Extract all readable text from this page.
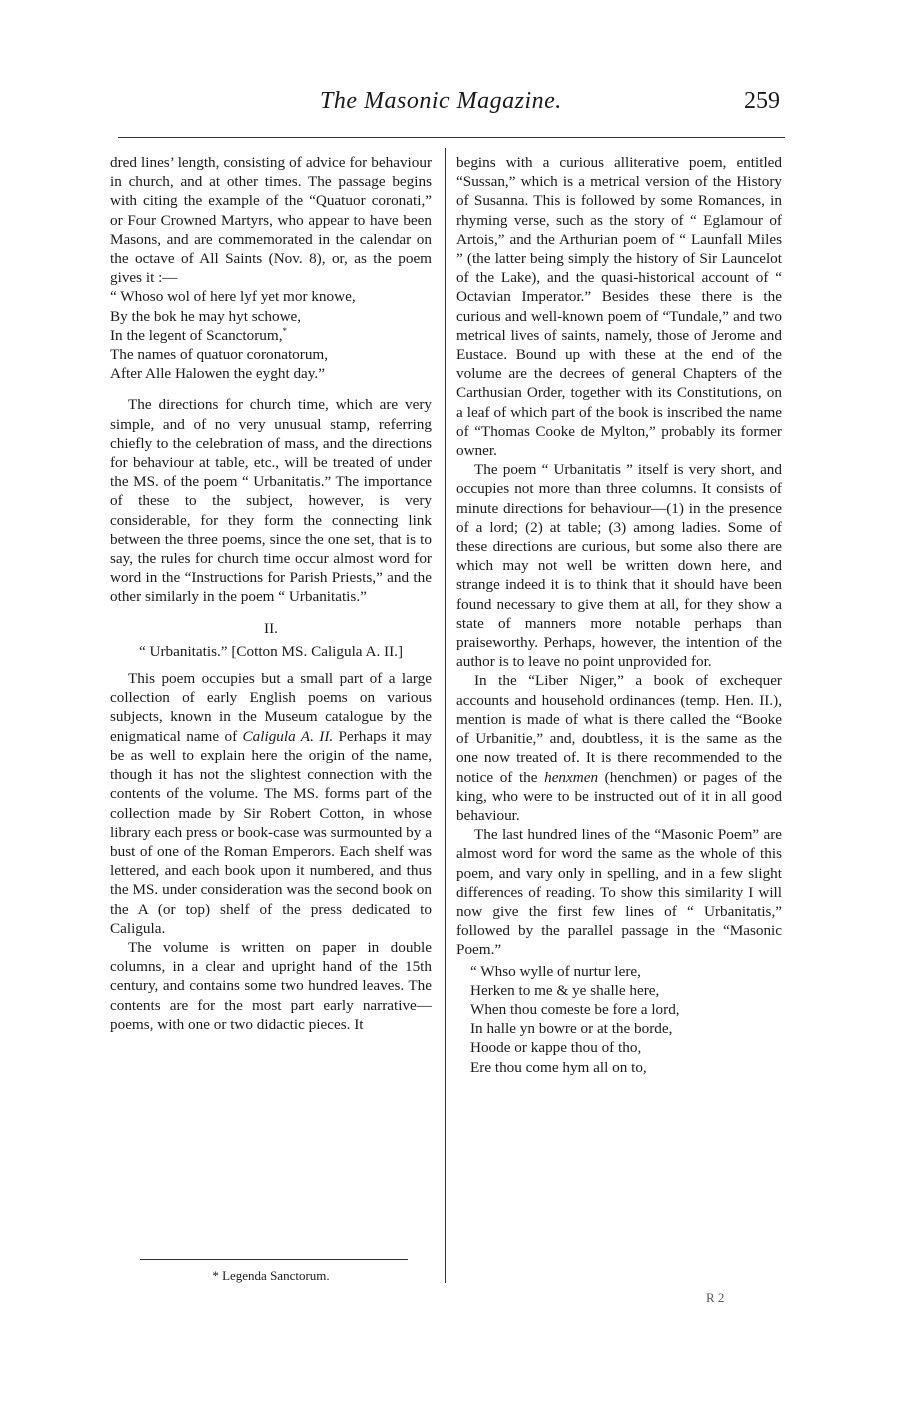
The Masonic Magazine.	259

dred lines’ length, consisting of advice for behaviour in church, and at other times. The passage begins with citing the example of the “Quatuor coronati,” or Four Crowned Martyrs, who appear to have been Masons, and are commemorated in the calendar on the octave of All Saints (Nov. 8), or, as the poem gives it :—

“ Whoso wol of here lyf yet mor knowe,
By the bok he may hyt schowe,
In the legent of Scanctorum,*
The names of quatuor coronatorum,
After Alle Halowen the eyght day.”

The directions for church time, which are very simple, and of no very unusual stamp, referring chiefly to the celebration of mass, and the directions for behaviour at table, etc., will be treated of under the MS. of the poem “ Urbanitatis.” The importance of these to the subject, however, is very considerable, for they form the connecting link between the three poems, since the one set, that is to say, the rules for church time occur almost word for word in the “Instructions for Parish Priests,” and the other similarly in the poem “ Urbanitatis.”

II.
“ Urbanitatis.” [Cotton MS. Caligula A. II.]

This poem occupies but a small part of a large collection of early English poems on various subjects, known in the Museum catalogue by the enigmatical name of Caligula A. II. Perhaps it may be as well to explain here the origin of the name, though it has not the slightest connection with the contents of the volume. The MS. forms part of the collection made by Sir Robert Cotton, in whose library each press or book-case was surmounted by a bust of one of the Roman Emperors. Each shelf was lettered, and each book upon it numbered, and thus the MS. under consideration was the second book on the A (or top) shelf of the press dedicated to Caligula.

The volume is written on paper in double columns, in a clear and upright hand of the 15th century, and contains some two hundred leaves. The contents are for the most part early narrative—poems, with one or two didactic pieces. It

begins with a curious alliterative poem, entitled “Sussan,” which is a metrical version of the History of Susanna. This is followed by some Romances, in rhyming verse, such as the story of “ Eglamour of Artois,” and the Arthurian poem of “ Launfall Miles ” (the latter being simply the history of Sir Launcelot of the Lake), and the quasi-historical account of “ Octavian Imperator.” Besides these there is the curious and well-known poem of “Tundale,” and two metrical lives of saints, namely, those of Jerome and Eustace. Bound up with these at the end of the volume are the decrees of general Chapters of the Carthusian Order, together with its Constitutions, on a leaf of which part of the book is inscribed the name of “Thomas Cooke de Mylton,” probably its former owner.

The poem “ Urbanitatis ” itself is very short, and occupies not more than three columns. It consists of minute directions for behaviour—(1) in the presence of a lord; (2) at table; (3) among ladies. Some of these directions are curious, but some also there are which may not well be written down here, and strange indeed it is to think that it should have been found necessary to give them at all, for they show a state of manners more notable perhaps than praiseworthy. Perhaps, however, the intention of the author is to leave no point unprovided for.

In the “Liber Niger,” a book of exchequer accounts and household ordinances (temp. Hen. II.), mention is made of what is there called the “Booke of Urbanitie,” and, doubtless, it is the same as the one now treated of. It is there recommended to the notice of the henxmen (henchmen) or pages of the king, who were to be instructed out of it in all good behaviour.

The last hundred lines of the “Masonic Poem” are almost word for word the same as the whole of this poem, and vary only in spelling, and in a few slight differences of reading. To show this similarity I will now give the first few lines of “ Urbanitatis,” followed by the parallel passage in the “Masonic Poem.”

“ Whso wylle of nurtur lere,
Herken to me & ye shalle here,
When thou comeste be fore a lord,
In halle yn bowre or at the borde,
Hoode or kappe thou of tho,
Ere thou come hym all on to,
* Legenda Sanctorum.
R 2
